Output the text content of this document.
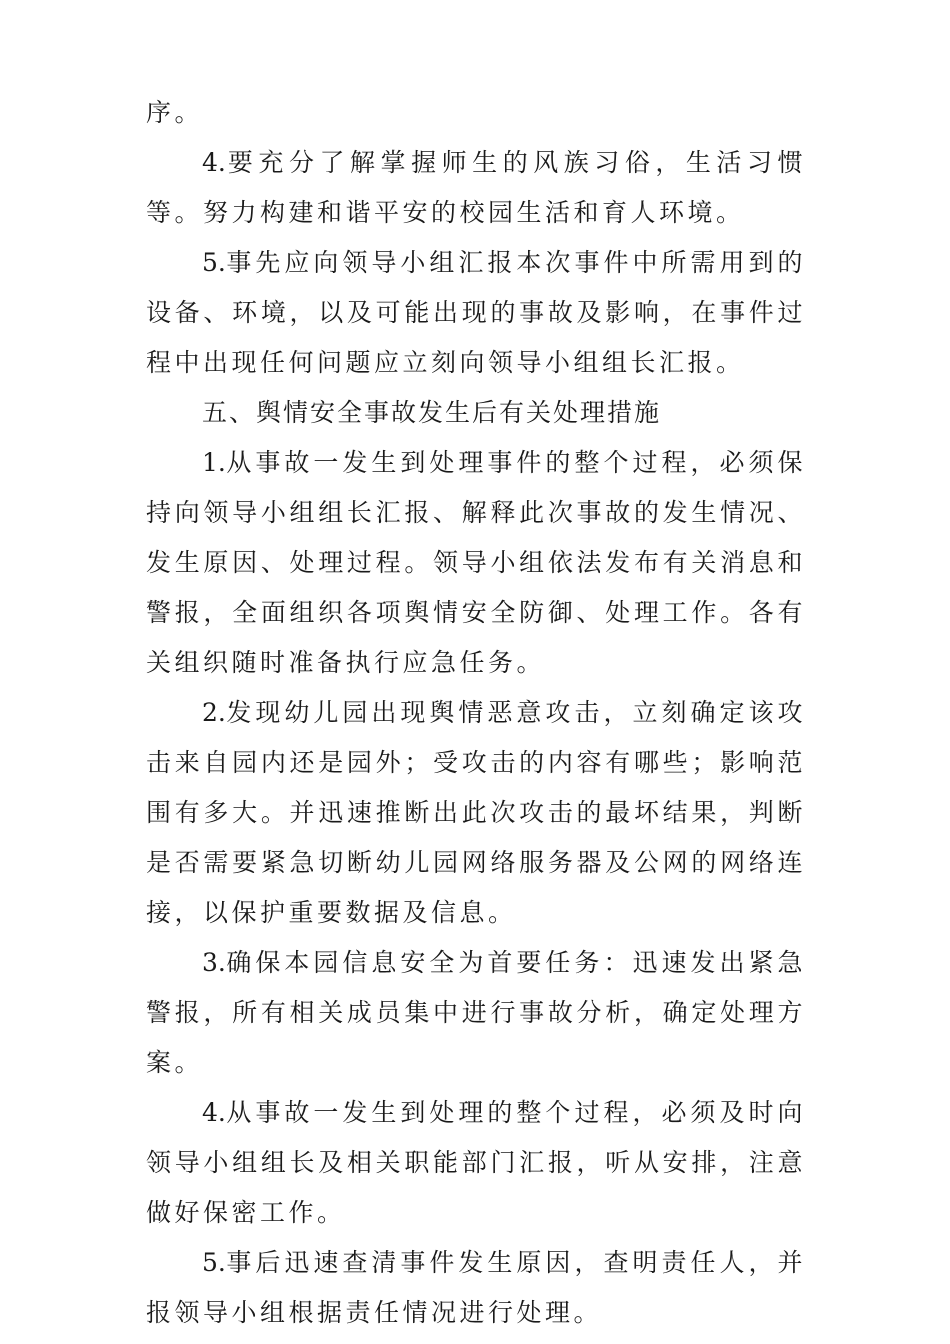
序。

4.要充分了解掌握师生的风族习俗，生活习惯等。努力构建和谐平安的校园生活和育人环境。

5.事先应向领导小组汇报本次事件中所需用到的设备、环境，以及可能出现的事故及影响，在事件过程中出现任何问题应立刻向领导小组组长汇报。

五、舆情安全事故发生后有关处理措施

1.从事故一发生到处理事件的整个过程，必须保持向领导小组组长汇报、解释此次事故的发生情况、发生原因、处理过程。领导小组依法发布有关消息和警报，全面组织各项舆情安全防御、处理工作。各有关组织随时准备执行应急任务。

2.发现幼儿园出现舆情恶意攻击，立刻确定该攻击来自园内还是园外；受攻击的内容有哪些；影响范围有多大。并迅速推断出此次攻击的最坏结果，判断是否需要紧急切断幼儿园网络服务器及公网的网络连接，以保护重要数据及信息。

3.确保本园信息安全为首要任务：迅速发出紧急警报，所有相关成员集中进行事故分析，确定处理方案。

4.从事故一发生到处理的整个过程，必须及时向领导小组组长及相关职能部门汇报，听从安排，注意做好保密工作。

5.事后迅速查清事件发生原因，查明责任人，并报领导小组根据责任情况进行处理。
